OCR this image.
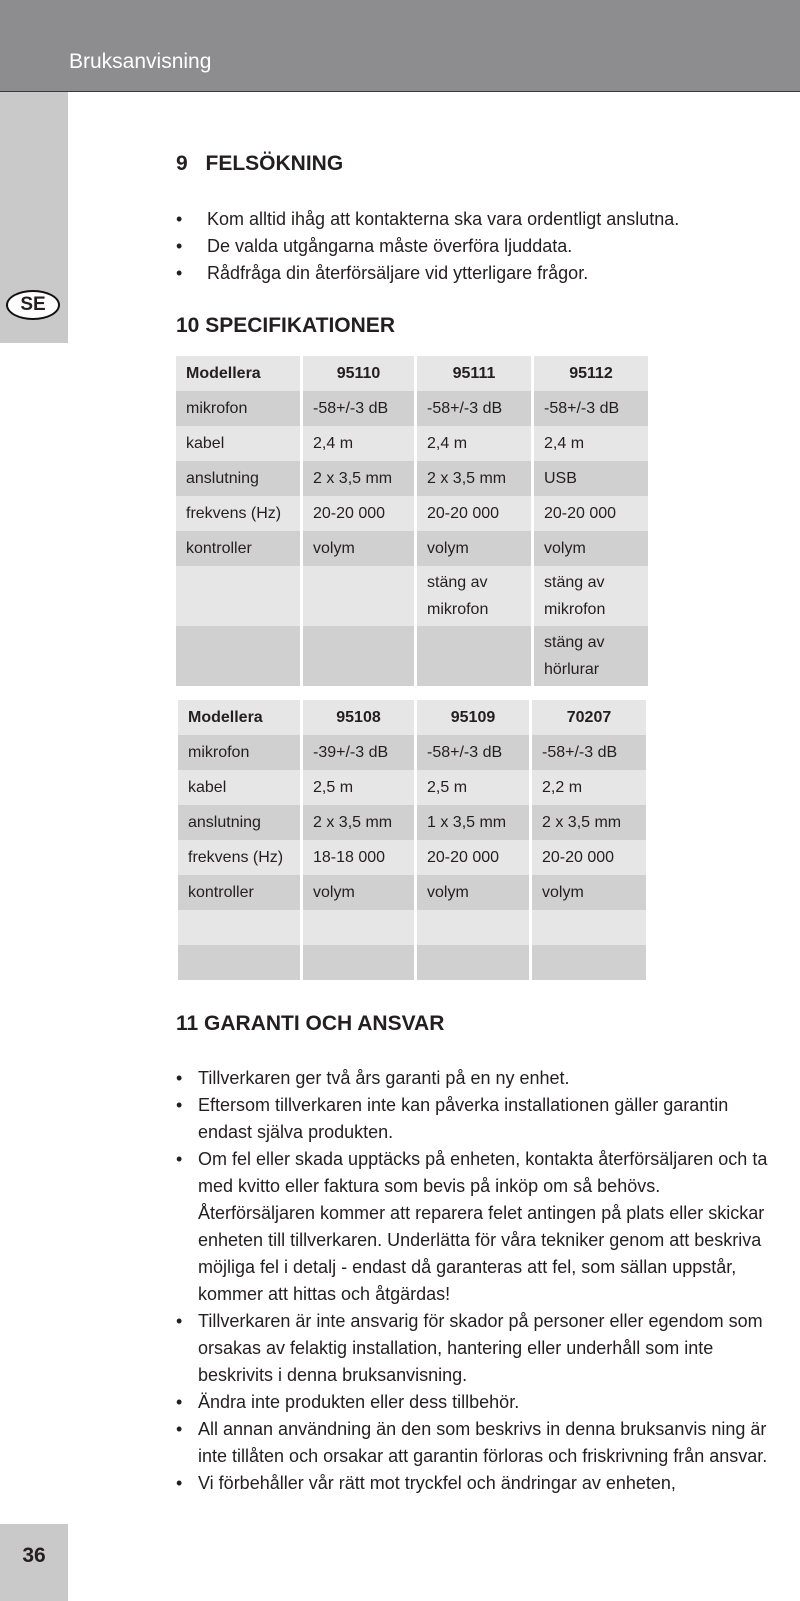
Bruksanvisning
SE
9 FELSÖKNING
• Kom alltid ihåg att kontakterna ska vara ordentligt anslutna.
• De valda utgångarna måste överföra ljuddata.
• Rådfråga din återförsäljare vid ytterligare frågor.
10 SPECIFIKATIONER
Modellera	95110	95111	95112
mikrofon	-58+/-3 dB	-58+/-3 dB	-58+/-3 dB
kabel	2,4 m	2,4 m	2,4 m
anslutning	2 x 3,5 mm	2 x 3,5 mm	USB
frekvens (Hz)	20-20 000	20-20 000	20-20 000
kontroller	volym	volym	volym
		stäng av mikrofon	stäng av mikrofon
			stäng av hörlurar
Modellera	95108	95109	70207
mikrofon	-39+/-3 dB	-58+/-3 dB	-58+/-3 dB
kabel	2,5 m	2,5 m	2,2 m
anslutning	2 x 3,5 mm	1 x 3,5 mm	2 x 3,5 mm
frekvens (Hz)	18-18 000	20-20 000	20-20 000
kontroller	volym	volym	volym

11 GARANTI OCH ANSVAR
• Tillverkaren ger två års garanti på en ny enhet.
• Eftersom tillverkaren inte kan påverka installationen gäller garantin endast själva produkten.
• Om fel eller skada upptäcks på enheten, kontakta återförsäljaren och ta med kvitto eller faktura som bevis på inköp om så behövs. Återförsäljaren kommer att reparera felet antingen på plats eller skickar enheten till tillverkaren. Underlätta för våra tekniker genom att beskriva möjliga fel i detalj - endast då garanteras att fel, som sällan uppstår, kommer att hittas och åtgärdas!
• Tillverkaren är inte ansvarig för skador på personer eller egendom som orsakas av felaktig installation, hantering eller underhåll som inte beskrivits i denna bruksanvisning.
• Ändra inte produkten eller dess tillbehör.
• All annan användning än den som beskrivs in denna bruksanvis ning är inte tillåten och orsakar att garantin förloras och friskrivning från ansvar.
• Vi förbehåller vår rätt mot tryckfel och ändringar av enheten,
36
